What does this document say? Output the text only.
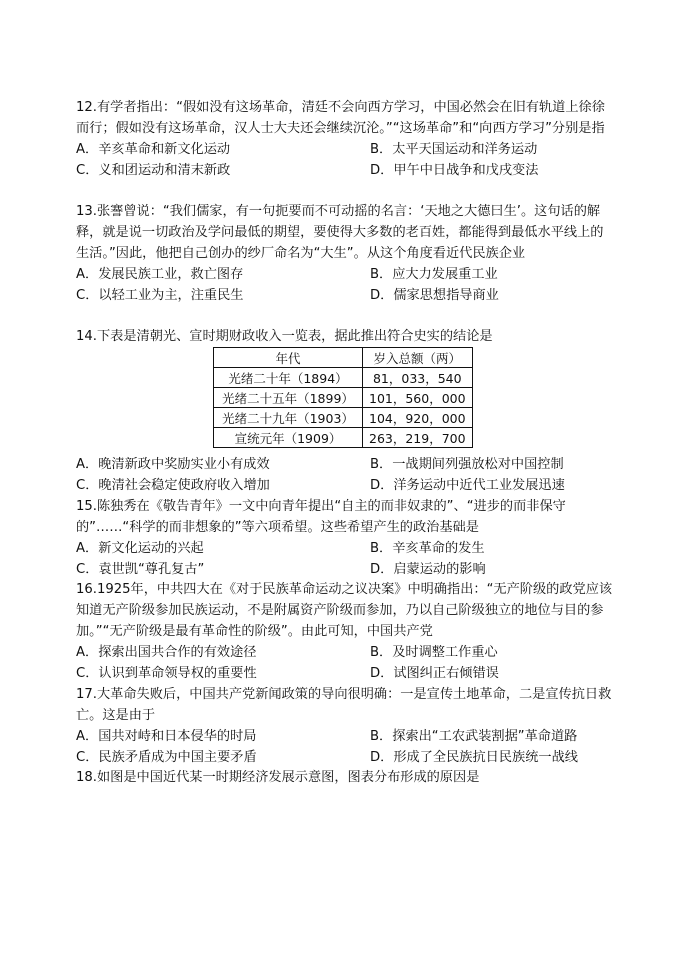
12.有学者指出：“假如没有这场革命，清廷不会向西方学习，中国必然会在旧有轨道上徐徐而行；假如没有这场革命，汉人士大夫还会继续沉沦。”“这场革命”和“向西方学习”分别是指

A．辛亥革命和新文化运动	B．太平天国运动和洋务运动
C．义和团运动和清末新政	D．甲午中日战争和戊戌变法

13.张謇曾说：“我们儒家，有一句扼要而不可动摇的名言：‘天地之大德曰生’。这句话的解释，就是说一切政治及学问最低的期望，要使得大多数的老百姓，都能得到最低水平线上的生活。”因此，他把自己创办的纱厂命名为“大生”。从这个角度看近代民族企业

A．发展民族工业，救亡图存	B．应大力发展重工业
C．以轻工业为主，注重民生	D．儒家思想指导商业

14.下表是清朝光、宣时期财政收入一览表，据此推出符合史实的结论是

年代	岁入总额（两）
光绪二十年（1894）	81，033，540
光绪二十五年（1899）	101，560，000
光绪二十九年（1903）	104，920，000
宣统元年（1909）	263，219，700
A．晚清新政中奖励实业小有成效	B．一战期间列强放松对中国控制
C．晚清社会稳定使政府收入增加	D．洋务运动中近代工业发展迅速

15.陈独秀在《敬告青年》一文中向青年提出“自主的而非奴隶的”、“进步的而非保守的”……“科学的而非想象的”等六项希望。这些希望产生的政治基础是

A．新文化运动的兴起	B．辛亥革命的发生
C．袁世凯“尊孔复古”	D．启蒙运动的影响

16.1925年，中共四大在《对于民族革命运动之议决案》中明确指出：“无产阶级的政党应该知道无产阶级参加民族运动，不是附属资产阶级而参加，乃以自己阶级独立的地位与目的参加。”“无产阶级是最有革命性的阶级”。由此可知，中国共产党

A．探索出国共合作的有效途径	B．及时调整工作重心
C．认识到革命领导权的重要性	D．试图纠正右倾错误

17.大革命失败后，中国共产党新闻政策的导向很明确：一是宣传土地革命，二是宣传抗日救亡。这是由于

A．国共对峙和日本侵华的时局	B．探索出“工农武装割据”革命道路
C．民族矛盾成为中国主要矛盾	D．形成了全民族抗日民族统一战线

18.如图是中国近代某一时期经济发展示意图，图表分布形成的原因是
